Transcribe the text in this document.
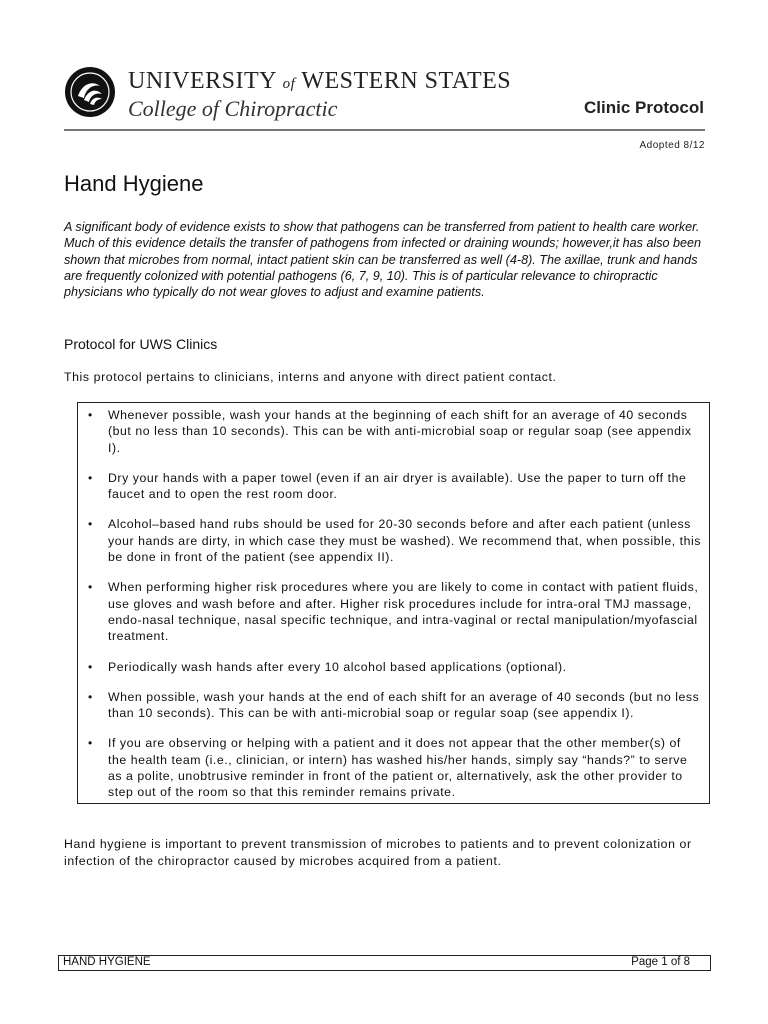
UNIVERSITY of WESTERN STATES
College of Chiropractic	Clinic Protocol
Adopted 8/12
Hand Hygiene

A significant body of evidence exists to show that pathogens can be transferred from patient to health care worker. Much of this evidence details the transfer of pathogens from infected or draining wounds; however,it has also been shown that microbes from normal, intact patient skin can be transferred as well (4-8). The axillae, trunk and hands are frequently colonized with potential pathogens (6, 7, 9, 10). This is of particular relevance to chiropractic physicians who typically do not wear gloves to adjust and examine patients.

Protocol for UWS Clinics

This protocol pertains to clinicians, interns and anyone with direct patient contact.

• Whenever possible, wash your hands at the beginning of each shift for an average of 40 seconds (but no less than 10 seconds). This can be with anti-microbial soap or regular soap (see appendix I).
• Dry your hands with a paper towel (even if an air dryer is available). Use the paper to turn off the faucet and to open the rest room door.
• Alcohol–based hand rubs should be used for 20-30 seconds before and after each patient (unless your hands are dirty, in which case they must be washed). We recommend that, when possible, this be done in front of the patient (see appendix II).
• When performing higher risk procedures where you are likely to come in contact with patient fluids, use gloves and wash before and after. Higher risk procedures include for intra-oral TMJ massage, endo-nasal technique, nasal specific technique, and intra-vaginal or rectal manipulation/myofascial treatment.
• Periodically wash hands after every 10 alcohol based applications (optional).
• When possible, wash your hands at the end of each shift for an average of 40 seconds (but no less than 10 seconds). This can be with anti-microbial soap or regular soap (see appendix I).
• If you are observing or helping with a patient and it does not appear that the other member(s) of the health team (i.e., clinician, or intern) has washed his/her hands, simply say “hands?” to serve as a polite, unobtrusive reminder in front of the patient or, alternatively, ask the other provider to step out of the room so that this reminder remains private.

Hand hygiene is important to prevent transmission of microbes to patients and to prevent colonization or infection of the chiropractor caused by microbes acquired from a patient.

HAND HYGIENE	Page 1 of 8
